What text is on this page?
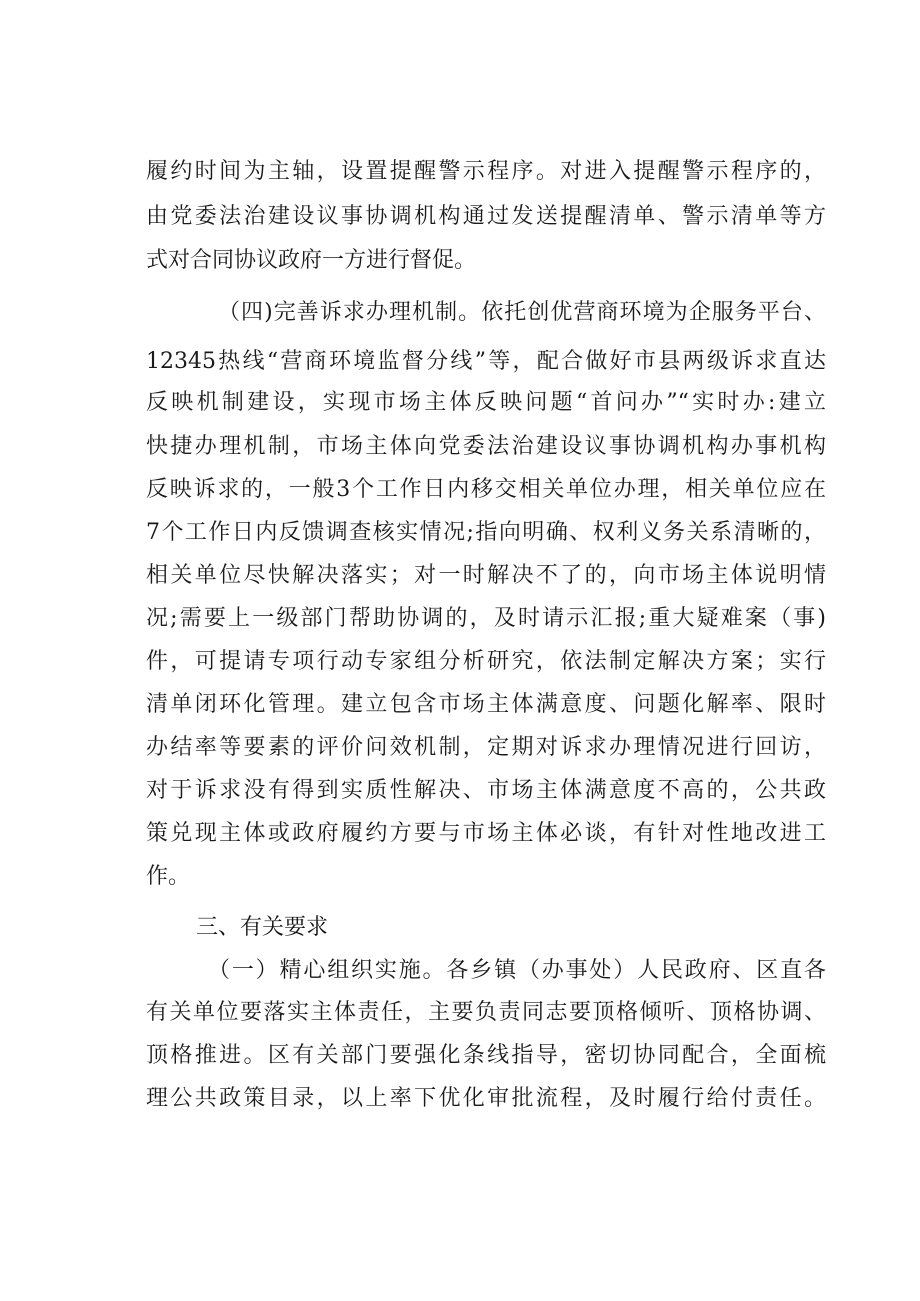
履约时间为主轴，设置提醒警示程序。对进入提醒警示程序的，
由党委法治建设议事协调机构通过发送提醒清单、警示清单等方
式对合同协议政府一方进行督促。
（四)完善诉求办理机制。依托创优营商环境为企服务平台、
12345热线“营商环境监督分线”等，配合做好市县两级诉求直达
反映机制建设，实现市场主体反映问题“首问办”“实时办:建立
快捷办理机制，市场主体向党委法治建设议事协调机构办事机构
反映诉求的，一般3个工作日内移交相关单位办理，相关单位应在
7个工作日内反馈调查核实情况;指向明确、权利义务关系清晰的，
相关单位尽快解决落实；对一时解决不了的，向市场主体说明情
况;需要上一级部门帮助协调的，及时请示汇报;重大疑难案（事)
件，可提请专项行动专家组分析研究，依法制定解决方案；实行
清单闭环化管理。建立包含市场主体满意度、问题化解率、限时
办结率等要素的评价问效机制，定期对诉求办理情况进行回访，
对于诉求没有得到实质性解决、市场主体满意度不高的，公共政
策兑现主体或政府履约方要与市场主体必谈，有针对性地改进工
作。
三、有关要求
（一）精心组织实施。各乡镇（办事处）人民政府、区直各
有关单位要落实主体责任，主要负责同志要顶格倾听、顶格协调、
顶格推进。区有关部门要强化条线指导，密切协同配合，全面梳
理公共政策目录，以上率下优化审批流程，及时履行给付责任。
